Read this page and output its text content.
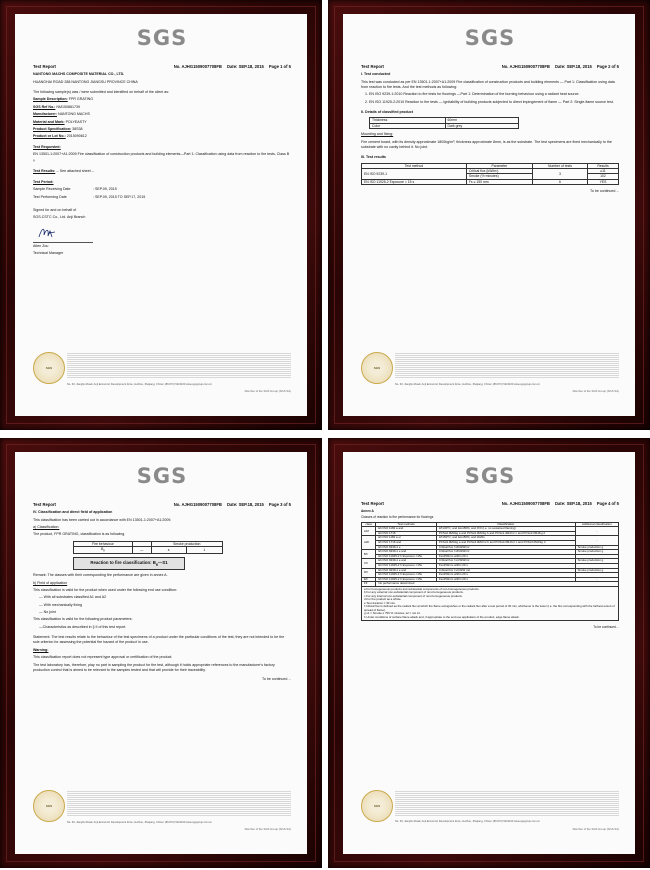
SGS
Test Report	No. AJHG1509007708FB Date: SEP.18, 2015 Page 1 of 5
NANTONG MACHS COMPOSITE MATERIAL CO., LTD.
HUANGHAI ROAD 288 NANTONG JIANGSU PROVINCE CHINA
The following sample(s) was / were submitted and identified on behalf of the client as:
Sample Description: FPR GRATING
SGS Ref No.: NM150881739
Manufacturer: NANTONG MACHS
Material and Mark: POLYEASTY
Product Specification: 38S38
Product or Lot No.: 2015090612
Test Requested:
EN 13501-1:2007+A1:2009 Fire classification of construction products and building elements—Part 1: Classification using data from reaction to fire tests, Class B $_{fl}$
Test Results: -- See attached sheet --
Test Period:
Sample Receiving Date	: SEP.09, 2015
Test Performing Date	: SEP.09, 2015 TO SEP.17, 2015
Signed for and on behalf of
SGS-CSTC Co., Ltd. Anji Branch
Aiten Zou
Technical Manager
SGS
No. 30, JiangSu Road, Anji Economic Development Zone, Huzhou, Zhejiang, China t (86-572) 5221100 www.sgsgroup.com.cn
Member of the SGS Group (SGS SA)
SGS
Test Report	No. AJHG1509007708FB Date: SEP.18, 2015 Page 2 of 5
I. Test conducted
This test was conducted as per EN 13501-1:2007+A1:2009 Fire classification of construction products and building elements — Part 1: Classification using data from reaction to fire tests. And the test methods as following:
1. EN ISO 9239-1:2010 Reaction to fire tests for floorings —Part 1: Determination of the burning behaviour using a radiant heat source.
2. EN ISO 11925-2:2010 Reaction to fire tests — Ignitability of building products subjected to direct impingement of flame — Part 2: Single-flame source test.
II. Details of classified product
Thickness	60mm
Color	Dark grey
Mounting and fixing:
Fire cement board, with its density approximate 1800kg/m³, thickness approximate 8mm, is as the substrate. The test specimens are fixed mechanically to the substrate with no cavity behind it. No joint.
III. Test results
Test method	Parameter	Number of tests	Results
EN ISO 9239-1	Critical flux (kW/m²)	3	≥11
	Smoke (%·minutes)		102
EN ISO 11925-2 Exposure = 15 s	Fs ≤ 150 mm	6	YES
To be continued…
SGS
No. 30, JiangSu Road, Anji Economic Development Zone, Huzhou, Zhejiang, China t (86-572) 5221100 www.sgsgroup.com.cn
Member of the SGS Group (SGS SA)
SGS
Test Report	No. AJHG1509007708FB Date: SEP.18, 2015 Page 3 of 5
IV. Classification and direct field of application
This classification has been carried out in accordance with EN 13501-1:2007+A1:2009.
a) Classification:
The product, FPR GRATING, classification is as following.
Fire behaviour		Smoke production	
$B_{fl}$	—	s	1
Reaction to fire classification: $B_{fl}—S1$
Remark: The classes with their corresponding fire performance are given in annex A.
b) Field of application
This classification is valid for the product when used under the following end use condition:
— With all substrates classified A1 and A2
— With mechanically fixing
— No joint
This classification is valid for the following product parameters:
—Characteristics as described in § II of this test report.
Statement: The test results relate to the behaviour of the test specimens of a product under the particular conditions of the test; they are not intended to be the sole criterion for assessing the potential fire hazard of the product in use.
Warning:
This classification report does not represent type approval or certification of the product.
The test laboratory has, therefore, play no part in sampling the product for the test, although it holds appropriate references to the manufacturer's factory production control that is aimed to be relevant to the samples tested and that will provide for their traceability.
To be continued…
SGS
No. 30, JiangSu Road, Anji Economic Development Zone, Huzhou, Zhejiang, China t (86-572) 5221100 www.sgsgroup.com.cn
Member of the SGS Group (SGS SA)
SGS
Test Report	No. AJHG1509007708FB Date: SEP.18, 2015 Page 4 of 5
Annex A
Classes of reaction to fire performance for floorings
class	Test methods	Classification	Additional classification
A1fl	EN ISO 1182 a and	ΔT≤30°C; and Δm≤50%; and tf=0 (i.e. no sustained flaming)	-
	EN ISO 1716	PCS≤2.0MJ/kg a and PCS≤2.0MJ/kg b and PCS≤1.4MJ/m² c and PCS≤2.0MJ/kg d	
A2fl	EN ISO 1182 a or	ΔT≤50°C; and Δm≤50%; and tf≤20s	-
	EN ISO 1716 and	PCS≤3.0MJ/kg a and PCS≤4.0MJ/m² b and PCS≤4.0MJ/m² c and PCS≤3.0MJ/kg d	
	EN ISO 9239-1 e	Critical flux f ≥8.0kW/m²	Smoke production g
Bfl	EN ISO 9239-1 e and	Critical flux f ≥8.0kW/m²	Smoke production g
	EN ISO 11925-2 h Exposure =15s	Fs≤150mm within 20 s	
Cfl	EN ISO 9239-1 e and	Critical flux f ≥4.5kW/m²	Smoke production g
	EN ISO 11925-2 h Exposure =15s	Fs≤150mm within 20 s	
Dfl	EN ISO 9239-1 e and	Critical flux f ≥3.0kW m2	Smoke production g
	EN ISO 11925-2 h Exposure =15s	Fs≤150mm within 20 s	
Efl	EN ISO 11925-2 h Exposure =15s	Fs≤150mm within 20 s	-
Ffl	No performance determined		
a For homogeneous products and substantial components of non-homogeneous products.
b For any external non-substantial component of non-homogeneous products.
c For any internal non-substantial component of non-homogeneous products.
d For the product as a whole.
e Test duration = 30 min.
f Critical flux is defined as the radiant flux at which the flame extinguishes or the radiant flux after a test period of 30 min, whichever is the lower (i.e. the flux corresponding with the furthest extent of spread of flame).
g s1 = Smoke ≤ 750 % minutes; s2 = not s1.
h Under conditions of surface flame attack and, if appropriate to the end use application of the product, edge flame attack.
To be continued…
SGS
No. 30, JiangSu Road, Anji Economic Development Zone, Huzhou, Zhejiang, China t (86-572) 5221100 www.sgsgroup.com.cn
Member of the SGS Group (SGS SA)
